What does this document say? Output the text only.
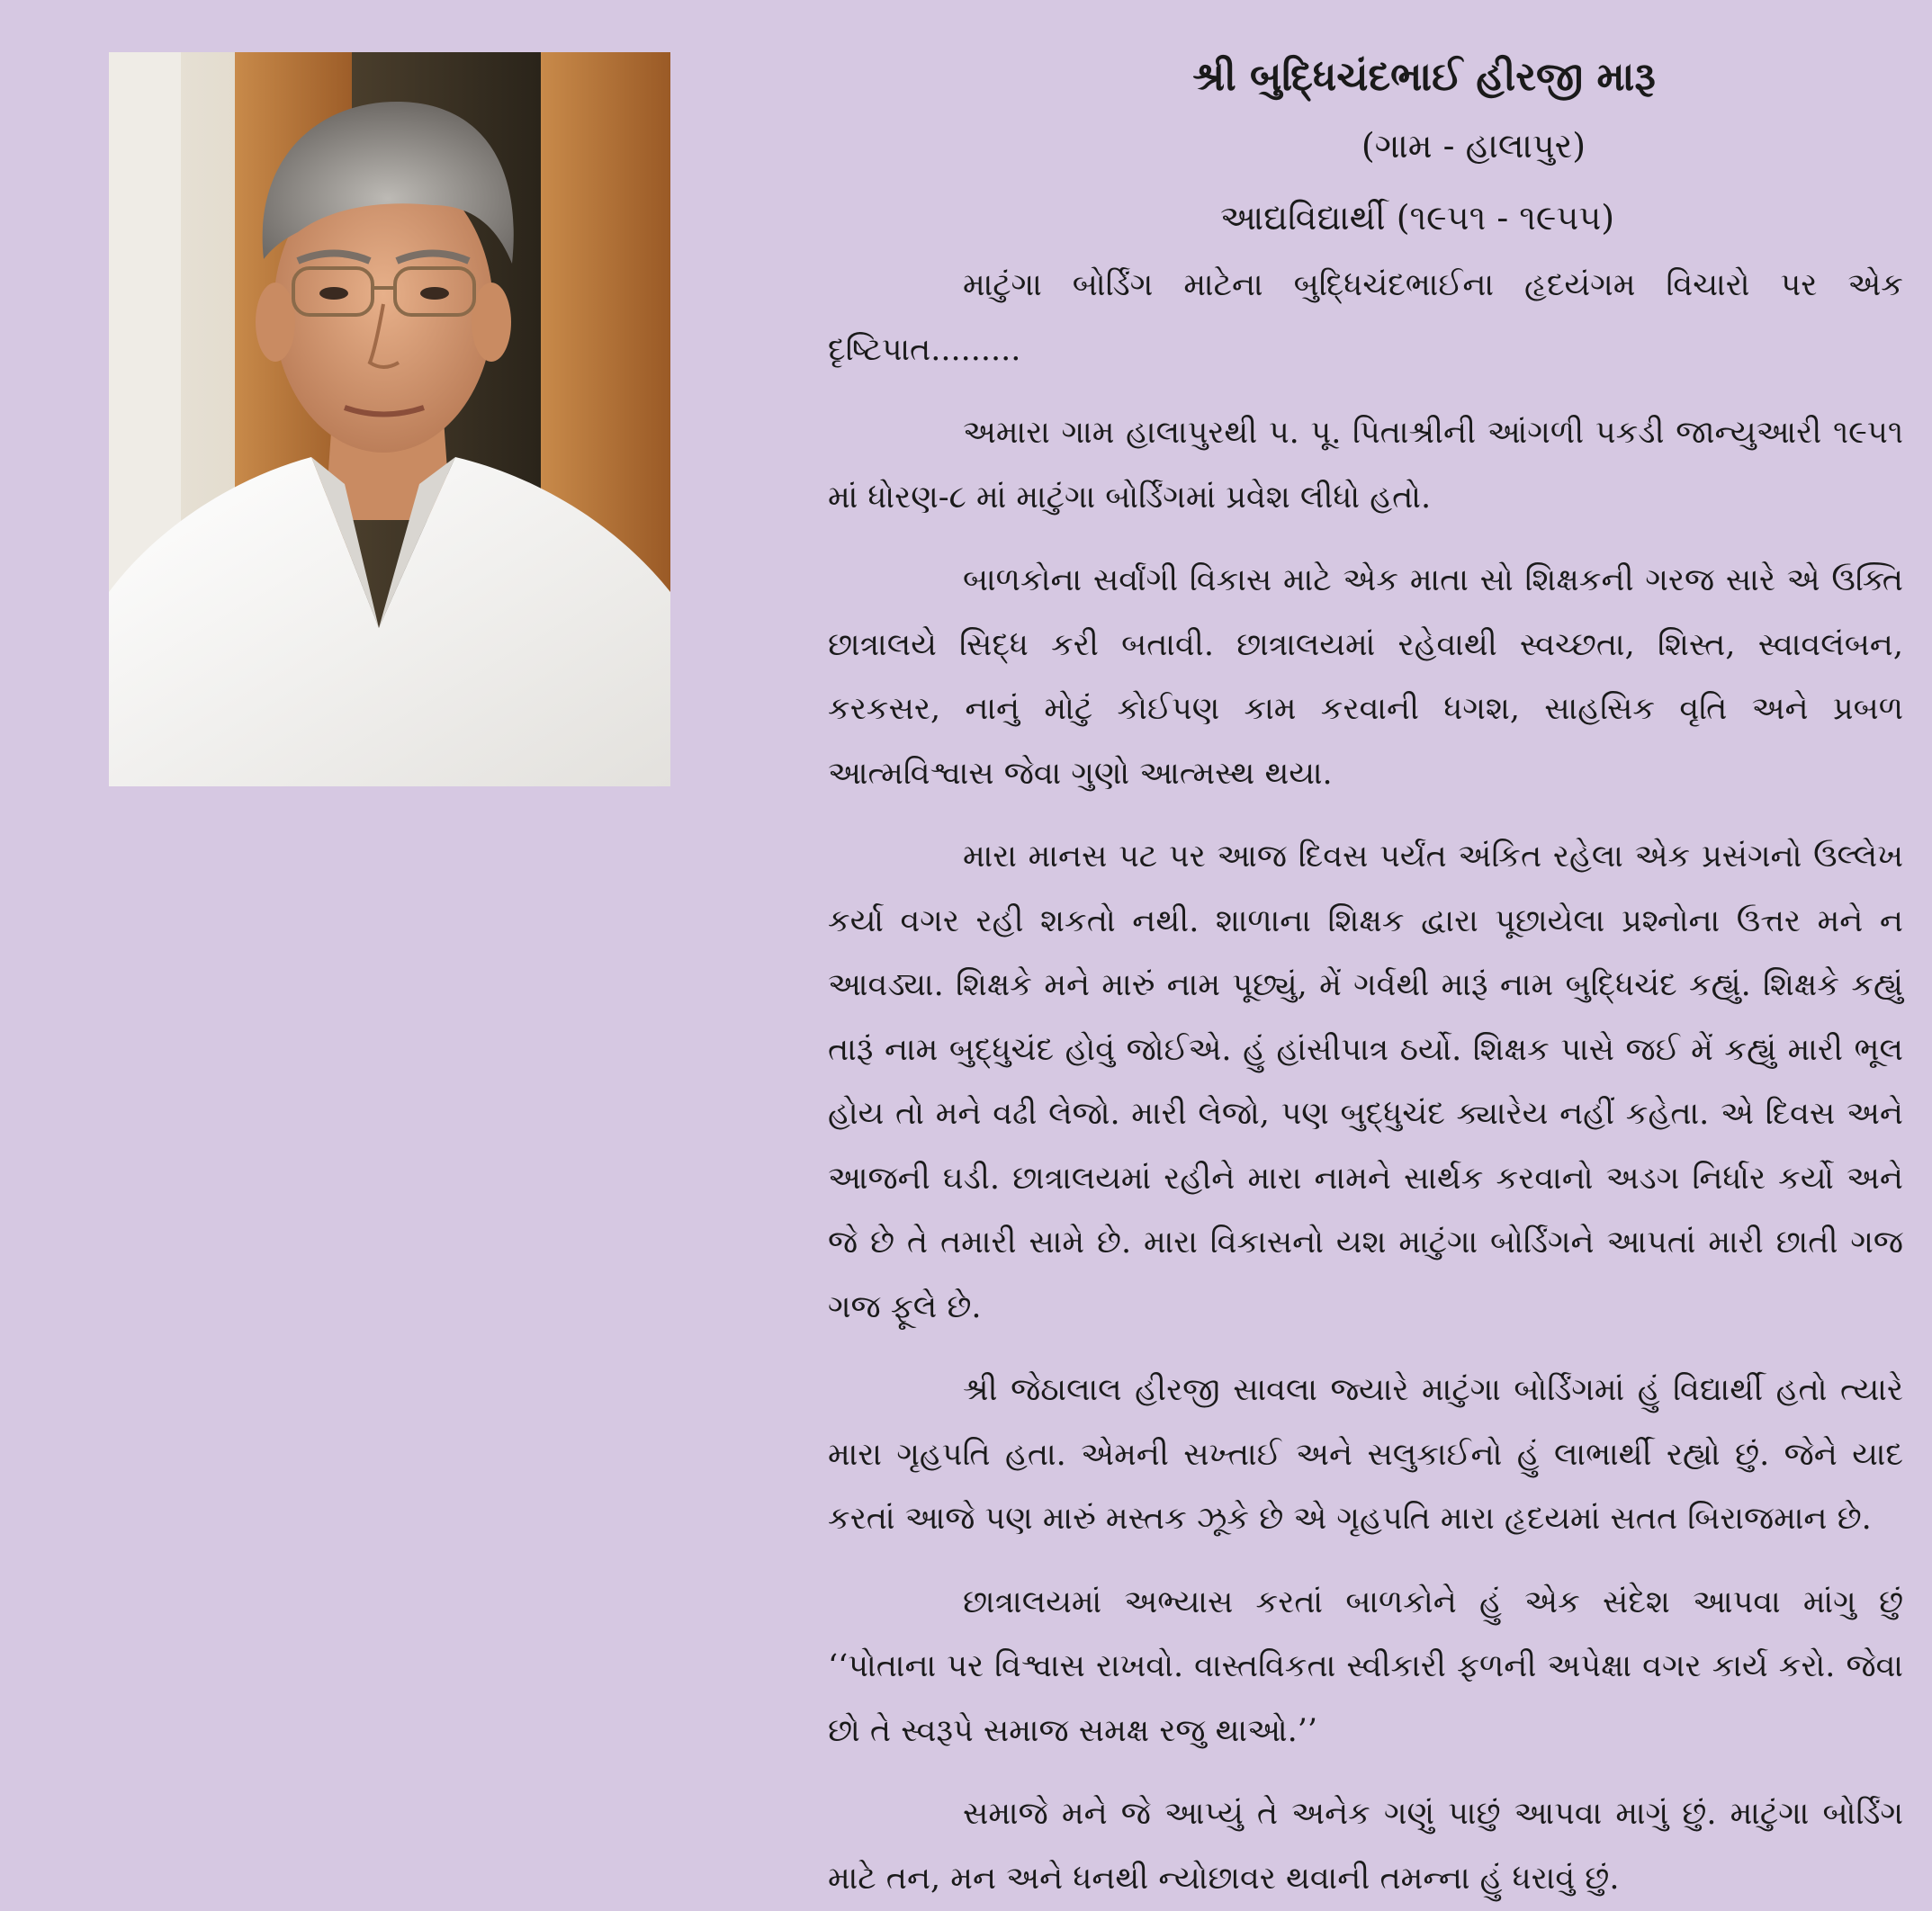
શ્રી બુદ્ધિચંદભાઈ હીરજી મારૂ
(ગામ - હાલાપુર)
આદ્યવિદ્યાર્થી (૧૯૫૧ - ૧૯૫૫)

માટુંગા બોર્ડિંગ માટેના બુદ્ધિચંદભાઈના હૃદયંગમ વિચારો પર એક દૃષ્ટિપાત.........

અમારા ગામ હાલાપુરથી પ. પૂ. પિતાશ્રીની આંગળી પકડી જાન્યુઆરી ૧૯૫૧ માં ધોરણ-૮ માં માટુંગા બોર્ડિંગમાં પ્રવેશ લીધો હતો.

બાળકોના સર્વાંગી વિકાસ માટે એક માતા સો શિક્ષકની ગરજ સારે એ ઉક્તિ છાત્રાલયે સિદ્ધ કરી બતાવી. છાત્રાલયમાં રહેવાથી સ્વચ્છતા, શિસ્ત, સ્વાવલંબન, કરકસર, નાનું મોટું કોઈપણ કામ કરવાની ધગશ, સાહસિક વૃતિ અને પ્રબળ આત્મવિશ્વાસ જેવા ગુણો આત્મસ્થ થયા.

મારા માનસ પટ પર આજ દિવસ પર્યંત અંકિત રહેલા એક પ્રસંગનો ઉલ્લેખ કર્યા વગર રહી શકતો નથી. શાળાના શિક્ષક દ્વારા પૂછાયેલા પ્રશ્નોના ઉત્તર મને ન આવડ્યા. શિક્ષકે મને મારું નામ પૂછ્યું, મેં ગર્વથી મારૂં નામ બુદ્ધિચંદ કહ્યું. શિક્ષકે કહ્યું તારૂં નામ બુદ્ધુચંદ હોવું જોઈએ. હું હાંસીપાત્ર ઠર્યો. શિક્ષક પાસે જઈ મેં કહ્યું મારી ભૂલ હોય તો મને વઢી લેજો. મારી લેજો, પણ બુદ્ધુચંદ ક્યારેય નહીં કહેતા. એ દિવસ અને આજની ઘડી. છાત્રાલયમાં રહીને મારા નામને સાર્થક કરવાનો અડગ નિર્ધાર કર્યો અને જે છે તે તમારી સામે છે. મારા વિકાસનો યશ માટુંગા બોર્ડિંગને આપતાં મારી છાતી ગજ ગજ ફૂલે છે.

શ્રી જેઠાલાલ હીરજી સાવલા જ્યારે માટુંગા બોર્ડિંગમાં હું વિદ્યાર્થી હતો ત્યારે મારા ગૃહપતિ હતા. એમની સખ્તાઈ અને સલુકાઈનો હું લાભાર્થી રહ્યો છું. જેને યાદ કરતાં આજે પણ મારું મસ્તક ઝૂકે છે એ ગૃહપતિ મારા હૃદયમાં સતત બિરાજમાન છે.

છાત્રાલયમાં અભ્યાસ કરતાં બાળકોને હું એક સંદેશ આપવા માંગુ છું ‘‘પોતાના પર વિશ્વાસ રાખવો. વાસ્તવિકતા સ્વીકારી ફળની અપેક્ષા વગર કાર્ય કરો. જેવા છો તે સ્વરૂપે સમાજ સમક્ષ રજુ થાઓ.’’

સમાજે મને જે આપ્યું તે અનેક ગણું પાછું આપવા માગું છું. માટુંગા બોર્ડિંગ માટે તન, મન અને ધનથી ન્યોછાવર થવાની તમન્ના હું ધરાવું છું.
